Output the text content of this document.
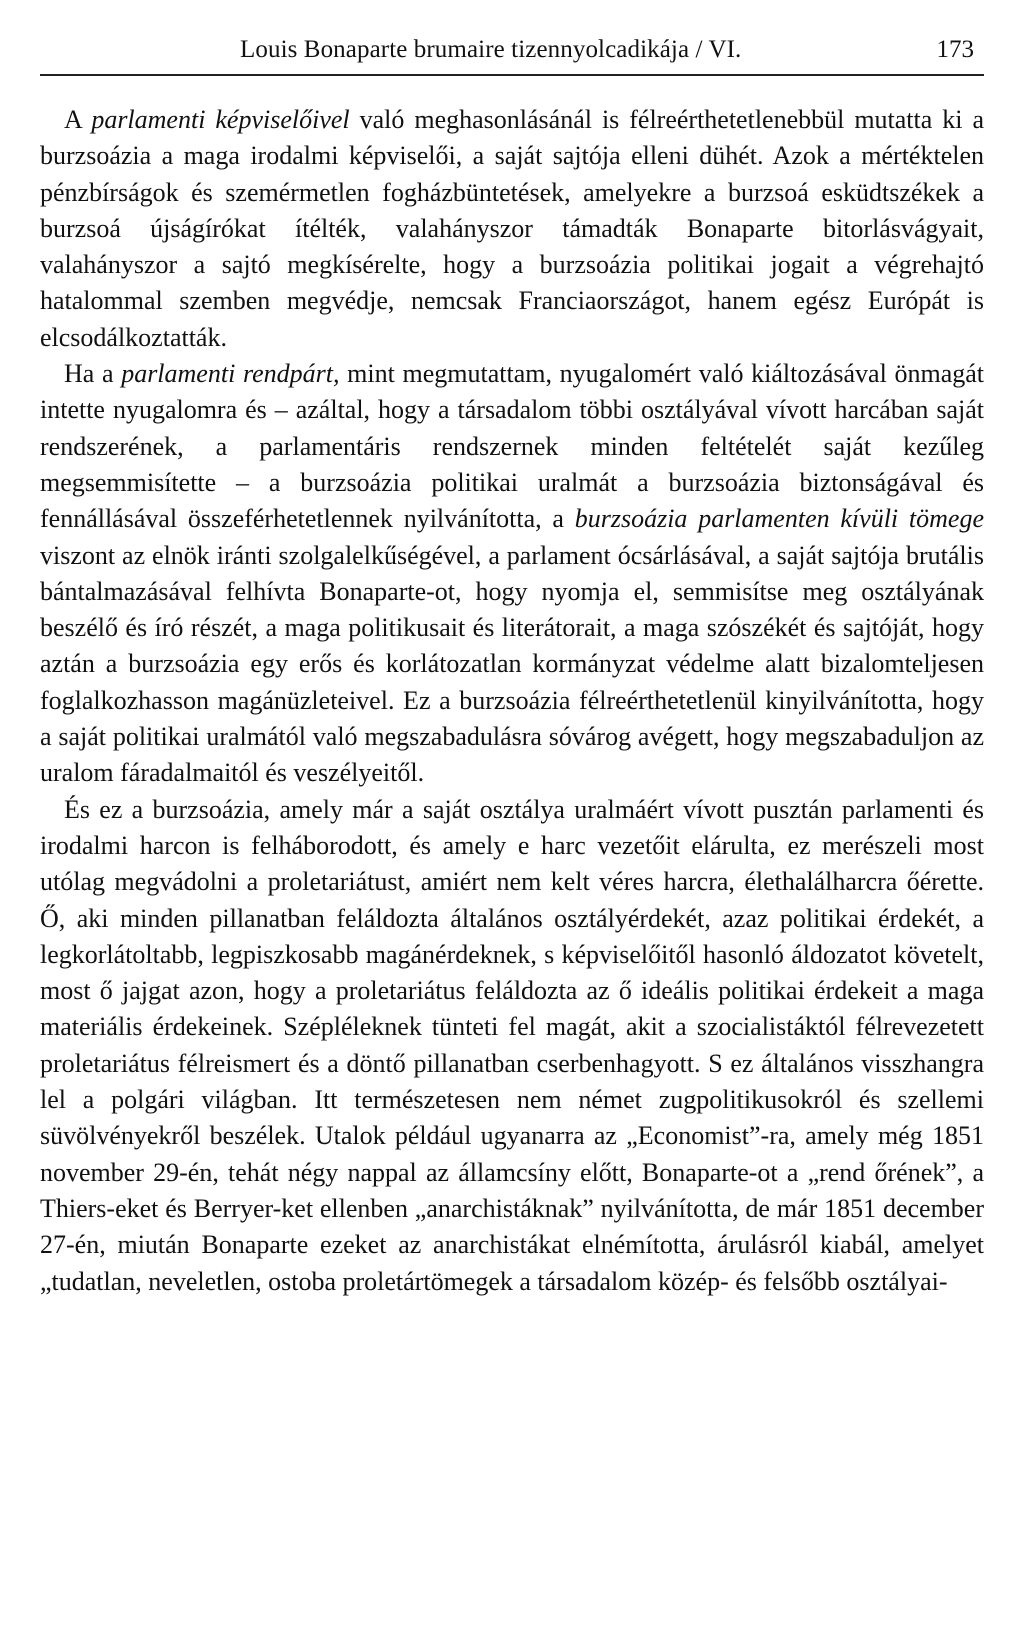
Louis Bonaparte brumaire tizennyolcadikája / VI.	173

A parlamenti képviselőivel való meghasonlásánál is félreérthetetlenebbül mutatta ki a burzsoázia a maga irodalmi képviselői, a saját sajtója elleni dühét. Azok a mértéktelen pénzbírságok és szemérmetlen fogházbüntetések, amelyekre a burzsoá esküdtszékek a burzsoá újságírókat ítélték, valahányszor támadták Bonaparte bitorlásvágyait, valahányszor a sajtó megkísérelte, hogy a burzsoázia politikai jogait a végrehajtó hatalommal szemben megvédje, nemcsak Franciaországot, hanem egész Európát is elcsodálkoztatták.

Ha a parlamenti rendpárt, mint megmutattam, nyugalomért való kiáltozásával önmagát intette nyugalomra és – azáltal, hogy a társadalom többi osztályával vívott harcában saját rendszerének, a parlamentáris rendszernek minden feltételét saját kezűleg megsemmisítette – a burzsoázia politikai uralmát a burzsoázia biztonságával és fennállásával összeférhetetlennek nyilvánította, a burzsoázia parlamenten kívüli tömege viszont az elnök iránti szolgalelkűségével, a parlament ócsárlásával, a saját sajtója brutális bántalmazásával felhívta Bonaparte-ot, hogy nyomja el, semmisítse meg osztályának beszélő és író részét, a maga politikusait és literátorait, a maga szószékét és sajtóját, hogy aztán a burzsoázia egy erős és korlátozatlan kormányzat védelme alatt bizalomteljesen foglalkozhasson magánüzleteivel. Ez a burzsoázia félreérthetetlenül kinyilvánította, hogy a saját politikai uralmától való megszabadulásra sóvárog avégett, hogy megszabaduljon az uralom fáradalmaitól és veszélyeitől.

És ez a burzsoázia, amely már a saját osztálya uralmáért vívott pusztán parlamenti és irodalmi harcon is felháborodott, és amely e harc vezetőit elárulta, ez merészeli most utólag megvádolni a proletariátust, amiért nem kelt véres harcra, élethalálharcra őérette. Ő, aki minden pillanatban feláldozta általános osztályérdekét, azaz politikai érdekét, a legkorlátoltabb, legpiszkosabb magánérdeknek, s képviselőitől hasonló áldozatot követelt, most ő jajgat azon, hogy a proletariátus feláldozta az ő ideális politikai érdekeit a maga materiális érdekeinek. Szépléleknek tünteti fel magát, akit a szocialistáktól félrevezetett proletariátus félreismert és a döntő pillanatban cserbenhagyott. S ez általános visszhangra lel a polgári világban. Itt természetesen nem német zugpolitikusokról és szellemi süvölvényekről beszélek. Utalok például ugyanarra az „Economist”-ra, amely még 1851 november 29-én, tehát négy nappal az államcsíny előtt, Bonaparte-ot a „rend őrének”, a Thiers-eket és Berryer-ket ellenben „anarchistáknak” nyilvánította, de már 1851 december 27-én, miután Bonaparte ezeket az anarchistákat elnémította, árulásról kiabál, amelyet „tudatlan, neveletlen, ostoba proletártömegek a társadalom közép- és felsőbb osztályai-
